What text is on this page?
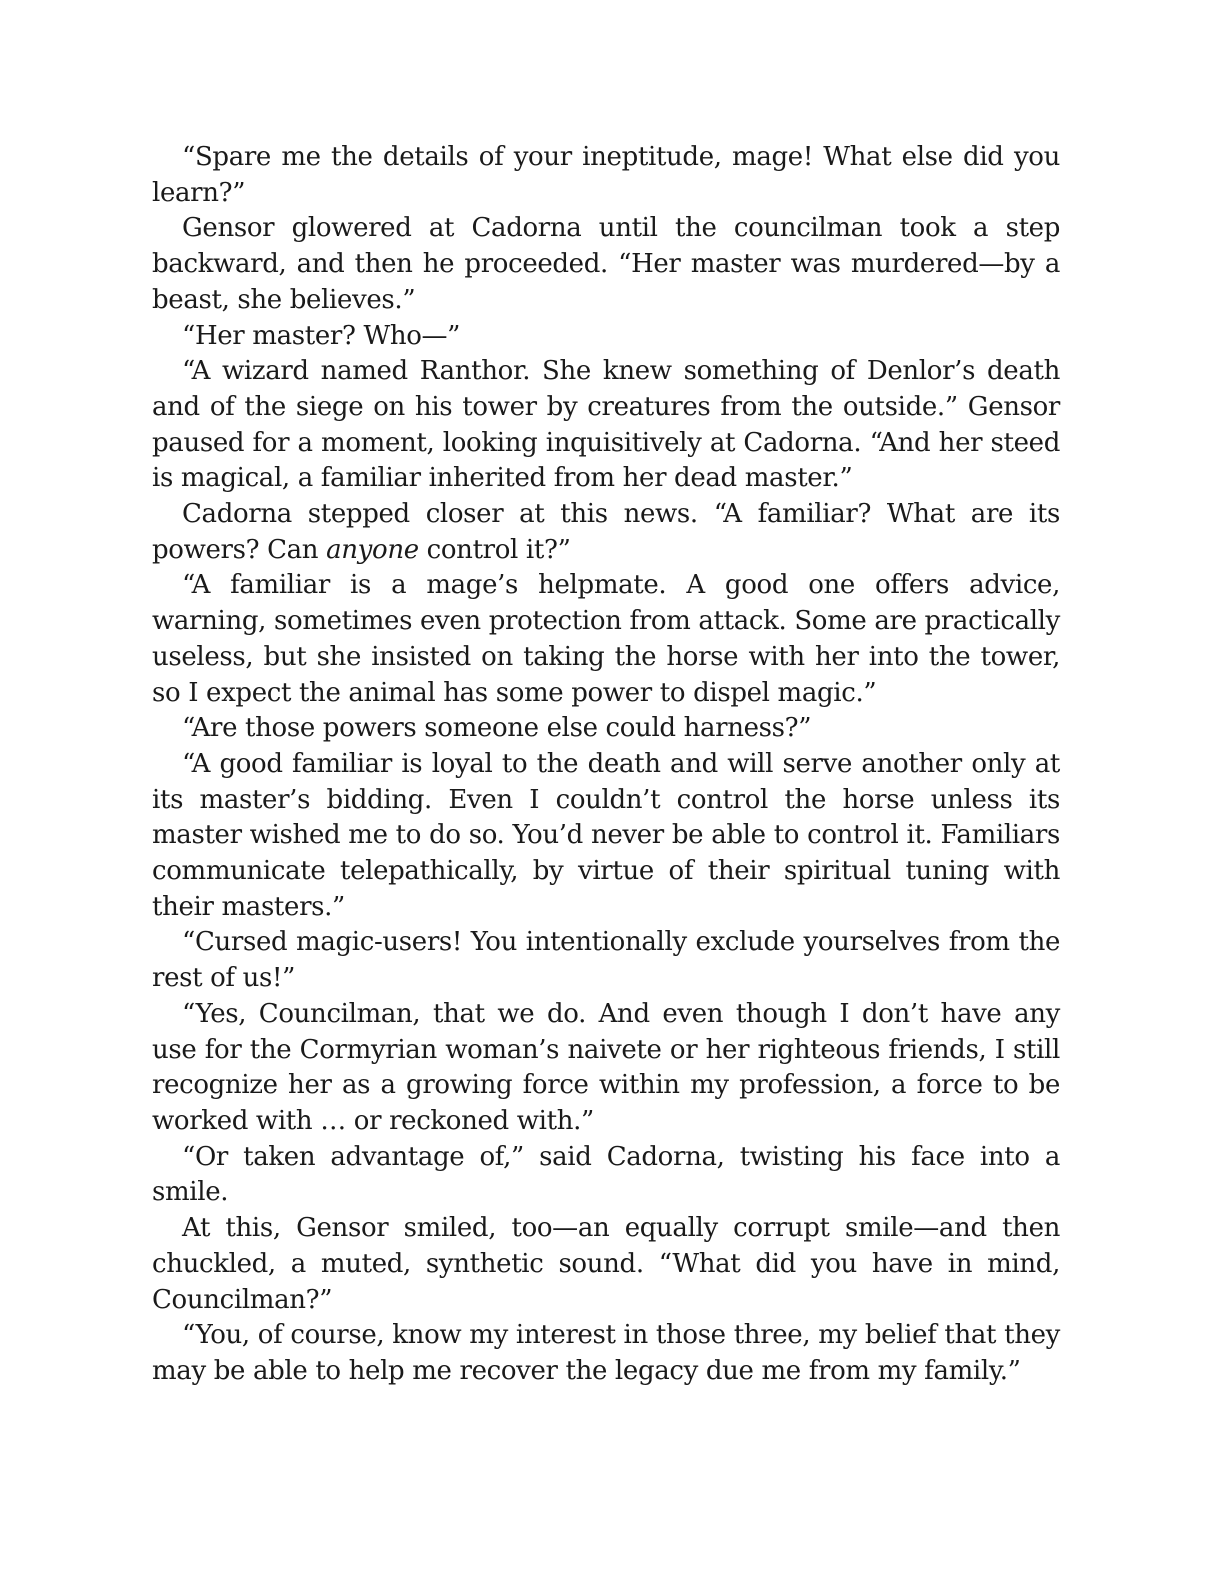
“Spare me the details of your ineptitude, mage! What else did you learn?”

Gensor glowered at Cadorna until the councilman took a step backward, and then he proceeded. “Her master was murdered—by a beast, she believes.”

“Her master? Who—”

“A wizard named Ranthor. She knew something of Denlor’s death and of the siege on his tower by creatures from the outside.” Gensor paused for a moment, looking inquisitively at Cadorna. “And her steed is magical, a familiar inherited from her dead master.”

Cadorna stepped closer at this news. “A familiar? What are its powers? Can anyone control it?”

“A familiar is a mage’s helpmate. A good one offers advice, warning, sometimes even protection from attack. Some are practically useless, but she insisted on taking the horse with her into the tower, so I expect the animal has some power to dispel magic.”

“Are those powers someone else could harness?”

“A good familiar is loyal to the death and will serve another only at its master’s bidding. Even I couldn’t control the horse unless its master wished me to do so. You’d never be able to control it. Familiars communicate telepathically, by virtue of their spiritual tuning with their masters.”

“Cursed magic-users! You intentionally exclude yourselves from the rest of us!”

“Yes, Councilman, that we do. And even though I don’t have any use for the Cormyrian woman’s naivete or her righteous friends, I still recognize her as a growing force within my profession, a force to be worked with … or reckoned with.”

“Or taken advantage of,” said Cadorna, twisting his face into a smile.

At this, Gensor smiled, too—an equally corrupt smile—and then chuckled, a muted, synthetic sound. “What did you have in mind, Councilman?”

“You, of course, know my interest in those three, my belief that they may be able to help me recover the legacy due me from my family.”
